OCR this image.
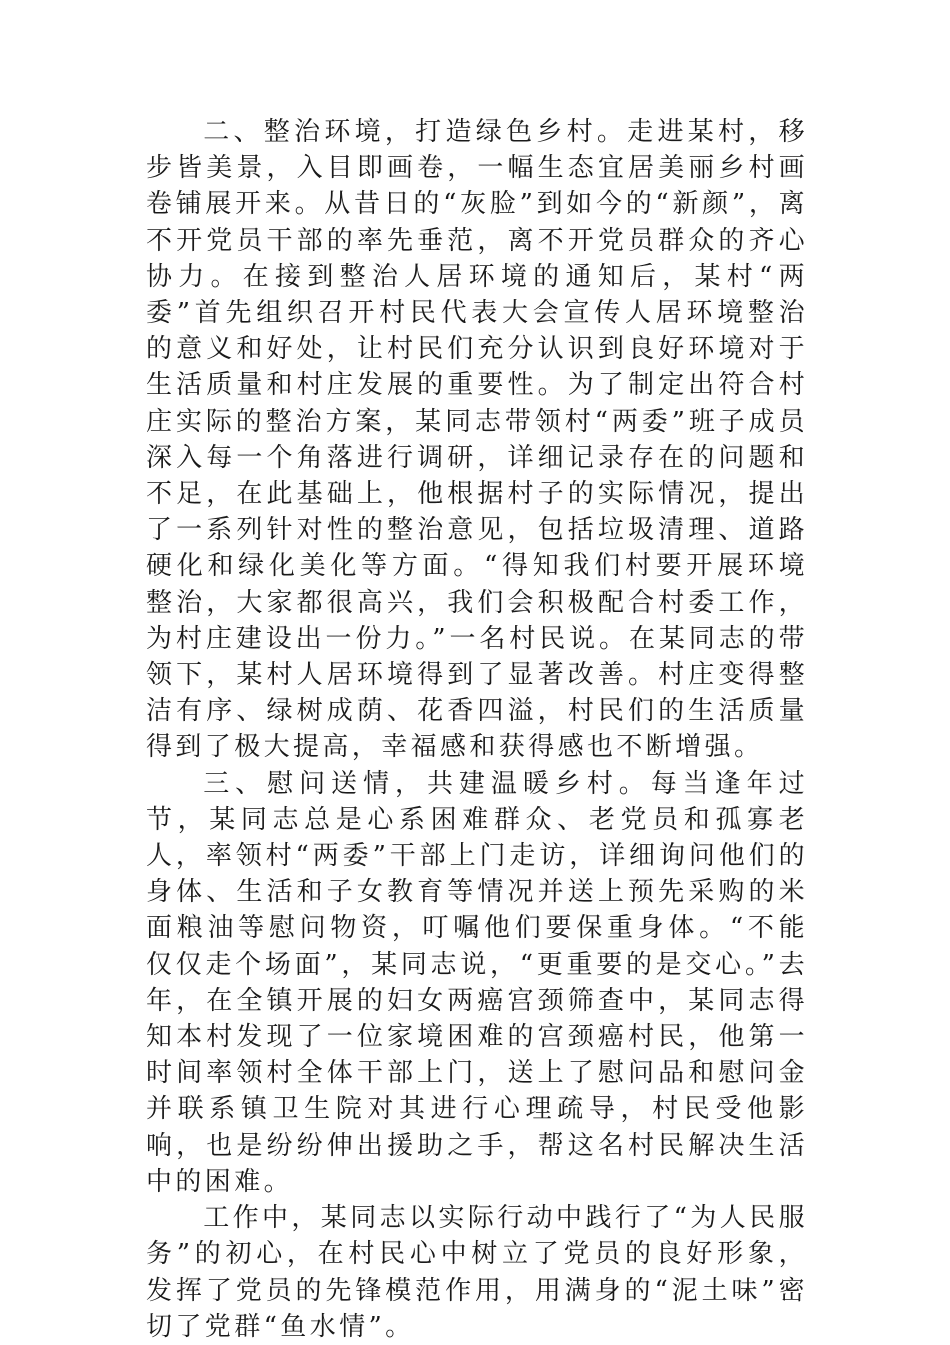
二、整治环境，打造绿色乡村。走进某村，移步皆美景，入目即画卷，一幅生态宜居美丽乡村画卷铺展开来。从昔日的“灰脸”到如今的“新颜”，离不开党员干部的率先垂范，离不开党员群众的齐心协力。在接到整治人居环境的通知后，某村“两委”首先组织召开村民代表大会宣传人居环境整治的意义和好处，让村民们充分认识到良好环境对于生活质量和村庄发展的重要性。为了制定出符合村庄实际的整治方案，某同志带领村“两委”班子成员深入每一个角落进行调研，详细记录存在的问题和不足，在此基础上，他根据村子的实际情况，提出了一系列针对性的整治意见，包括垃圾清理、道路硬化和绿化美化等方面。“得知我们村要开展环境整治，大家都很高兴，我们会积极配合村委工作，为村庄建设出一份力。”一名村民说。在某同志的带领下，某村人居环境得到了显著改善。村庄变得整洁有序、绿树成荫、花香四溢，村民们的生活质量得到了极大提高，幸福感和获得感也不断增强。

三、慰问送情，共建温暖乡村。每当逢年过节，某同志总是心系困难群众、老党员和孤寡老人，率领村“两委”干部上门走访，详细询问他们的身体、生活和子女教育等情况并送上预先采购的米面粮油等慰问物资，叮嘱他们要保重身体。“不能仅仅走个场面”，某同志说，“更重要的是交心。”去年，在全镇开展的妇女两癌宫颈筛查中，某同志得知本村发现了一位家境困难的宫颈癌村民，他第一时间率领村全体干部上门，送上了慰问品和慰问金并联系镇卫生院对其进行心理疏导，村民受他影响，也是纷纷伸出援助之手，帮这名村民解决生活中的困难。

工作中，某同志以实际行动中践行了“为人民服务”的初心，在村民心中树立了党员的良好形象，发挥了党员的先锋模范作用，用满身的“泥土味”密切了党群“鱼水情”。
